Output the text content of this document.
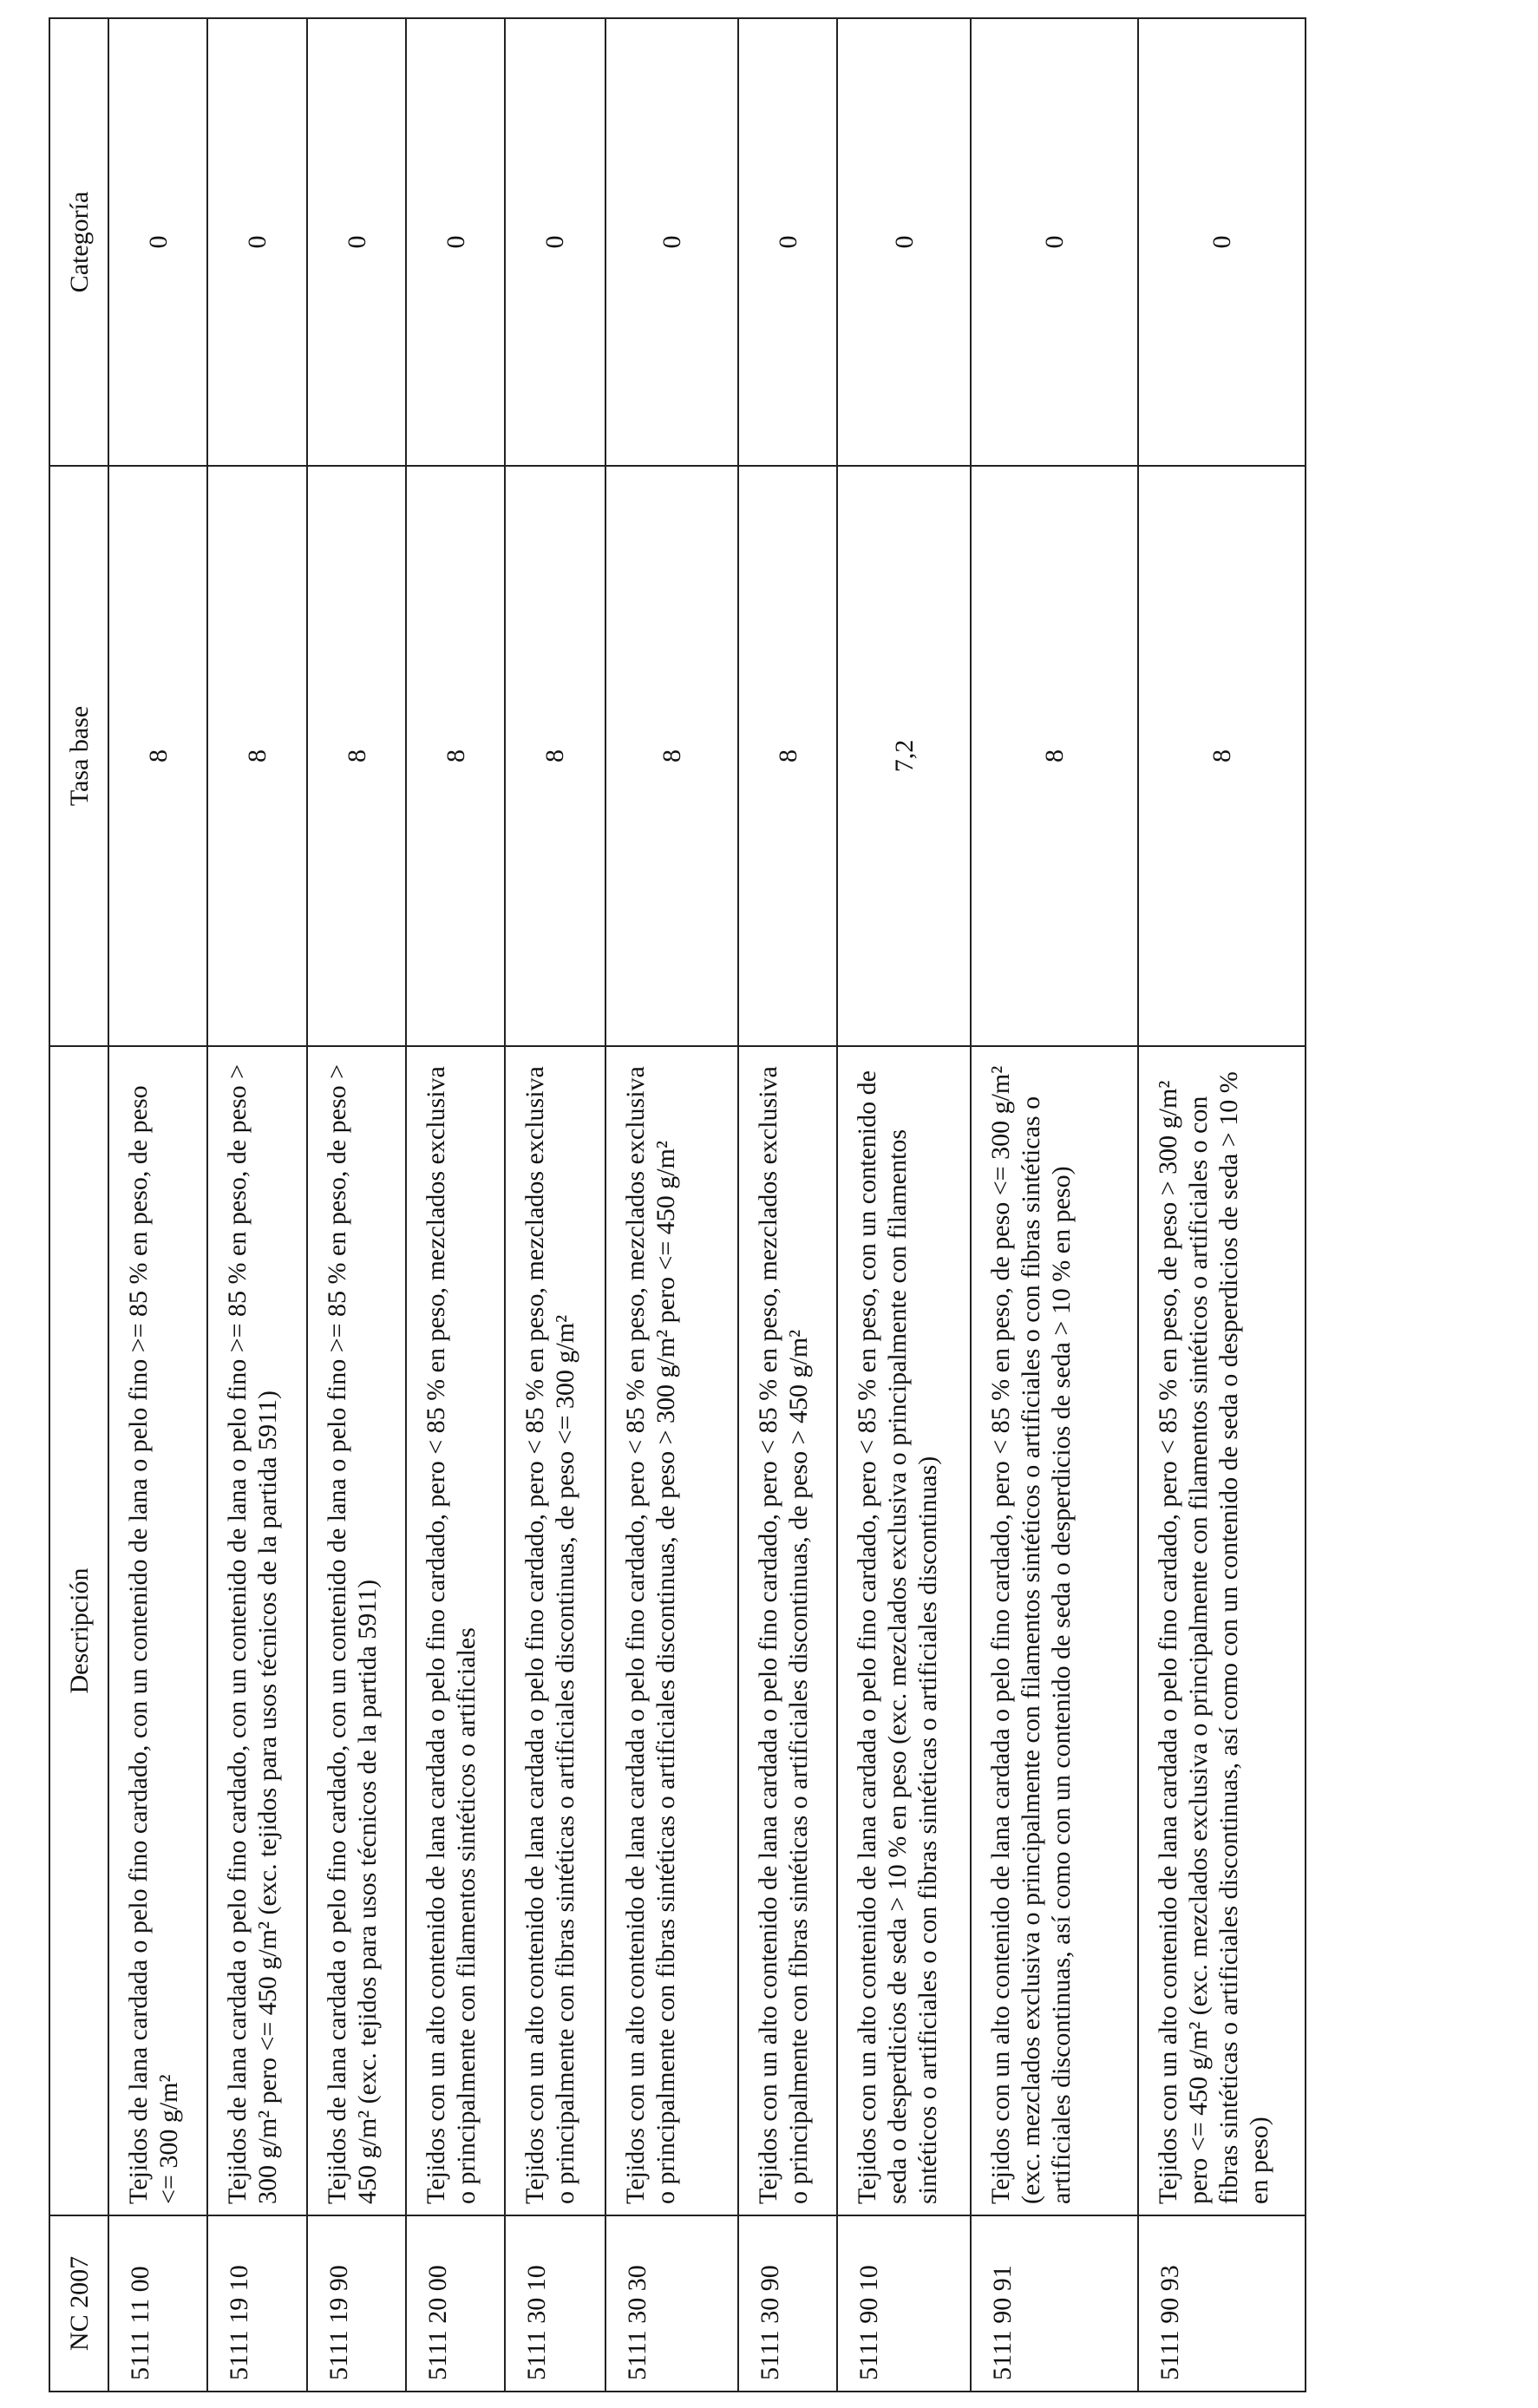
NC 2007	Descripción	Tasa base	Categoría
5111 11 00	Tejidos de lana cardada o pelo fino cardado, con un contenido de lana o pelo fino >= 85 % en peso, de peso <= 300 g/m²	8	0
5111 19 10	Tejidos de lana cardada o pelo fino cardado, con un contenido de lana o pelo fino >= 85 % en peso, de peso > 300 g/m² pero <= 450 g/m² (exc. tejidos para usos técnicos de la partida 5911)	8	0
5111 19 90	Tejidos de lana cardada o pelo fino cardado, con un contenido de lana o pelo fino >= 85 % en peso, de peso > 450 g/m² (exc. tejidos para usos técnicos de la partida 5911)	8	0
5111 20 00	Tejidos con un alto contenido de lana cardada o pelo fino cardado, pero < 85 % en peso, mezclados exclusiva o principalmente con filamentos sintéticos o artificiales	8	0
5111 30 10	Tejidos con un alto contenido de lana cardada o pelo fino cardado, pero < 85 % en peso, mezclados exclusiva o principalmente con fibras sintéticas o artificiales discontinuas, de peso <= 300 g/m²	8	0
5111 30 30	Tejidos con un alto contenido de lana cardada o pelo fino cardado, pero < 85 % en peso, mezclados exclusiva o principalmente con fibras sintéticas o artificiales discontinuas, de peso > 300 g/m² pero <= 450 g/m²	8	0
5111 30 90	Tejidos con un alto contenido de lana cardada o pelo fino cardado, pero < 85 % en peso, mezclados exclusiva o principalmente con fibras sintéticas o artificiales discontinuas, de peso > 450 g/m²	8	0
5111 90 10	Tejidos con un alto contenido de lana cardada o pelo fino cardado, pero < 85 % en peso, con un contenido de seda o desperdicios de seda > 10 % en peso (exc. mezclados exclusiva o principalmente con filamentos sintéticos o artificiales o con fibras sintéticas o artificiales discontinuas)	7,2	0
5111 90 91	Tejidos con un alto contenido de lana cardada o pelo fino cardado, pero < 85 % en peso, de peso <= 300 g/m² (exc. mezclados exclusiva o principalmente con filamentos sintéticos o artificiales o con fibras sintéticas o artificiales discontinuas, así como con un contenido de seda o desperdicios de seda > 10 % en peso)	8	0
5111 90 93	Tejidos con un alto contenido de lana cardada o pelo fino cardado, pero < 85 % en peso, de peso > 300 g/m² pero <= 450 g/m² (exc. mezclados exclusiva o principalmente con filamentos sintéticos o artificiales o con fibras sintéticas o artificiales discontinuas, así como con un contenido de seda o desperdicios de seda > 10 % en peso)	8	0
